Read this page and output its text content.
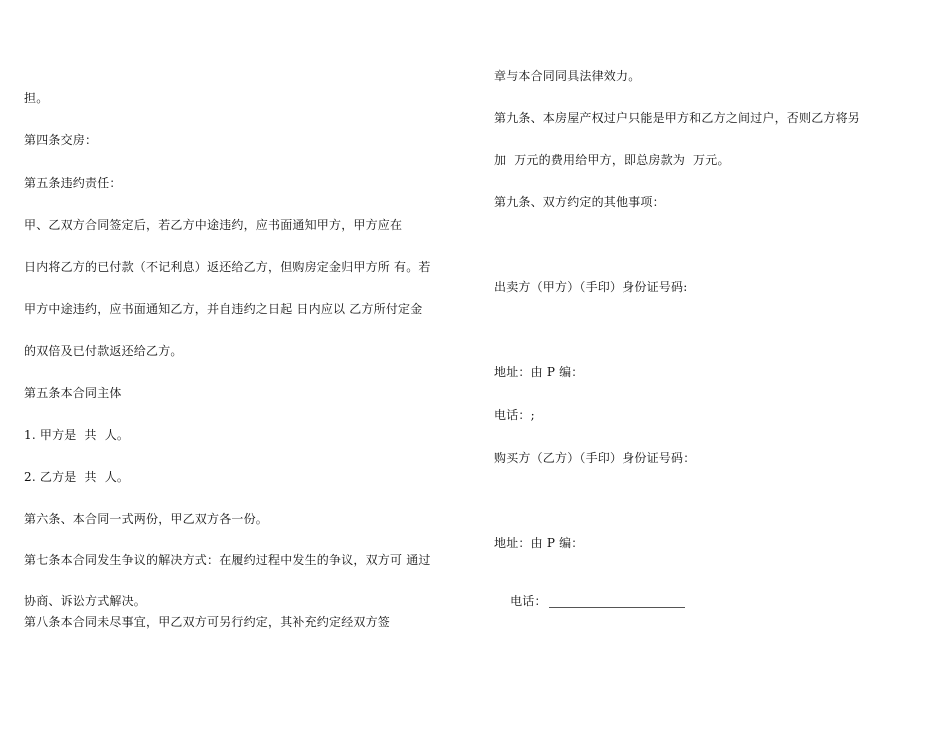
担。
第四条交房：
第五条违约责任：
甲、乙双方合同签定后，若乙方中途违约，应书面通知甲方，甲方应在
日内将乙方的已付款（不记利息）返还给乙方，但购房定金归甲方所 有。若
甲方中途违约，应书面通知乙方，并自违约之日起 日内应以 乙方所付定金
的双倍及已付款返还给乙方。
第五条本合同主体
1. 甲方是  共  人。
2. 乙方是  共  人。
第六条、本合同一式两份，甲乙双方各一份。
第七条本合同发生争议的解决方式：在履约过程中发生的争议，双方可 通过
协商、诉讼方式解决。
第八条本合同未尽事宜，甲乙双方可另行约定，其补充约定经双方签
章与本合同同具法律效力。
第九条、本房屋产权过户只能是甲方和乙方之间过户，否则乙方将另
加  万元的费用给甲方，即总房款为  万元。
第九条、双方约定的其他事项：
出卖方（甲方）（手印）身份证号码:
地址：由 P 编：
电话：;
购买方（乙方）（手印）身份证号码：
地址：由 P 编：

电话：
